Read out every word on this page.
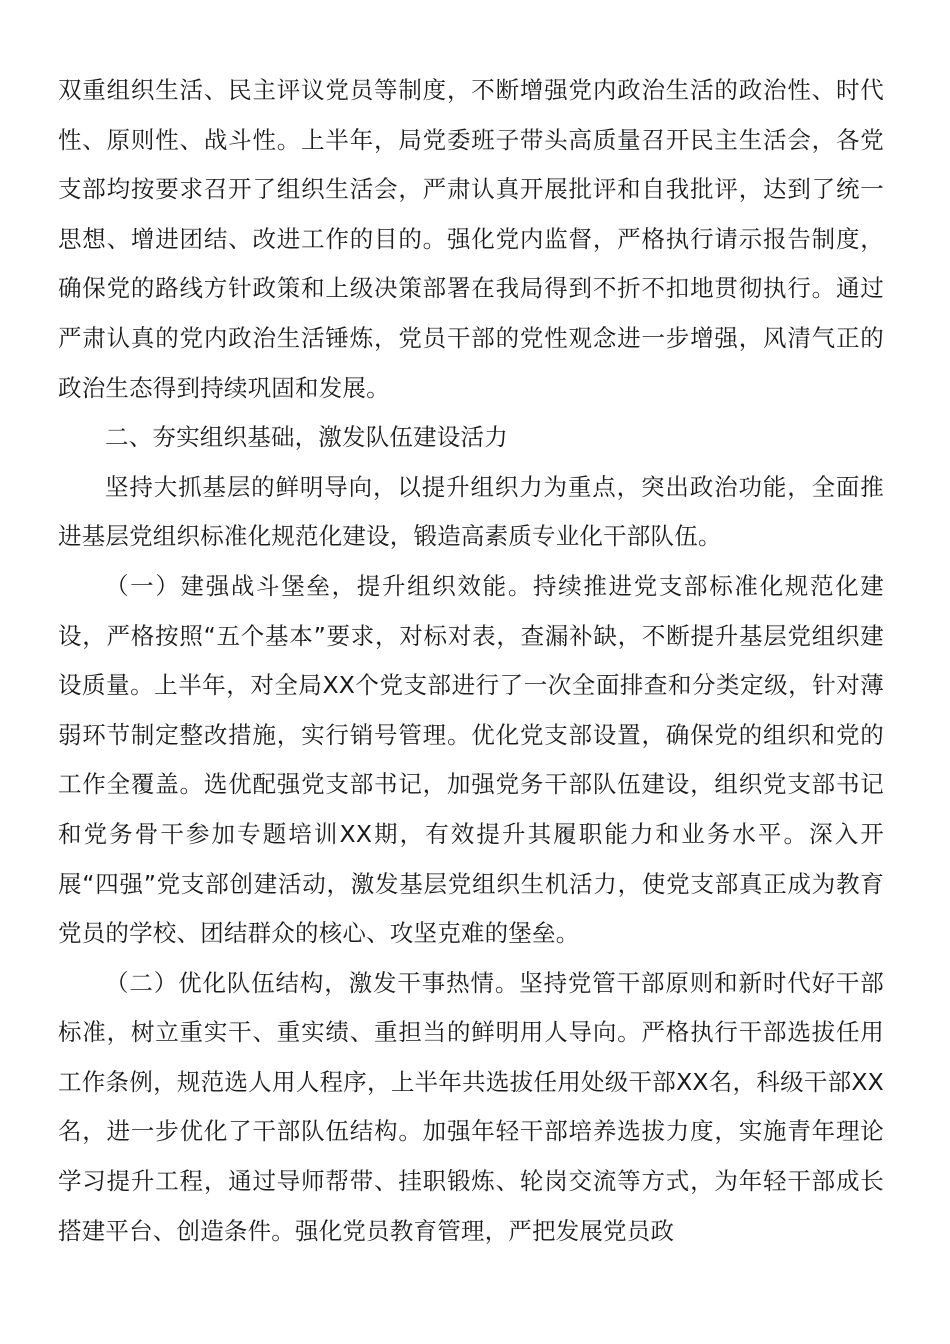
双重组织生活、民主评议党员等制度，不断增强党内政治生活的政治性、时代性、原则性、战斗性。上半年，局党委班子带头高质量召开民主生活会，各党支部均按要求召开了组织生活会，严肃认真开展批评和自我批评，达到了统一思想、增进团结、改进工作的目的。强化党内监督，严格执行请示报告制度，确保党的路线方针政策和上级决策部署在我局得到不折不扣地贯彻执行。通过严肃认真的党内政治生活锤炼，党员干部的党性观念进一步增强，风清气正的政治生态得到持续巩固和发展。

二、夯实组织基础，激发队伍建设活力

坚持大抓基层的鲜明导向，以提升组织力为重点，突出政治功能，全面推进基层党组织标准化规范化建设，锻造高素质专业化干部队伍。

（一）建强战斗堡垒，提升组织效能。持续推进党支部标准化规范化建设，严格按照“五个基本”要求，对标对表，查漏补缺，不断提升基层党组织建设质量。上半年，对全局XX个党支部进行了一次全面排查和分类定级，针对薄弱环节制定整改措施，实行销号管理。优化党支部设置，确保党的组织和党的工作全覆盖。选优配强党支部书记，加强党务干部队伍建设，组织党支部书记和党务骨干参加专题培训XX期，有效提升其履职能力和业务水平。深入开展“四强”党支部创建活动，激发基层党组织生机活力，使党支部真正成为教育党员的学校、团结群众的核心、攻坚克难的堡垒。

（二）优化队伍结构，激发干事热情。坚持党管干部原则和新时代好干部标准，树立重实干、重实绩、重担当的鲜明用人导向。严格执行干部选拔任用工作条例，规范选人用人程序，上半年共选拔任用处级干部XX名，科级干部XX名，进一步优化了干部队伍结构。加强年轻干部培养选拔力度，实施青年理论学习提升工程，通过导师帮带、挂职锻炼、轮岗交流等方式，为年轻干部成长搭建平台、创造条件。强化党员教育管理，严把发展党员政
